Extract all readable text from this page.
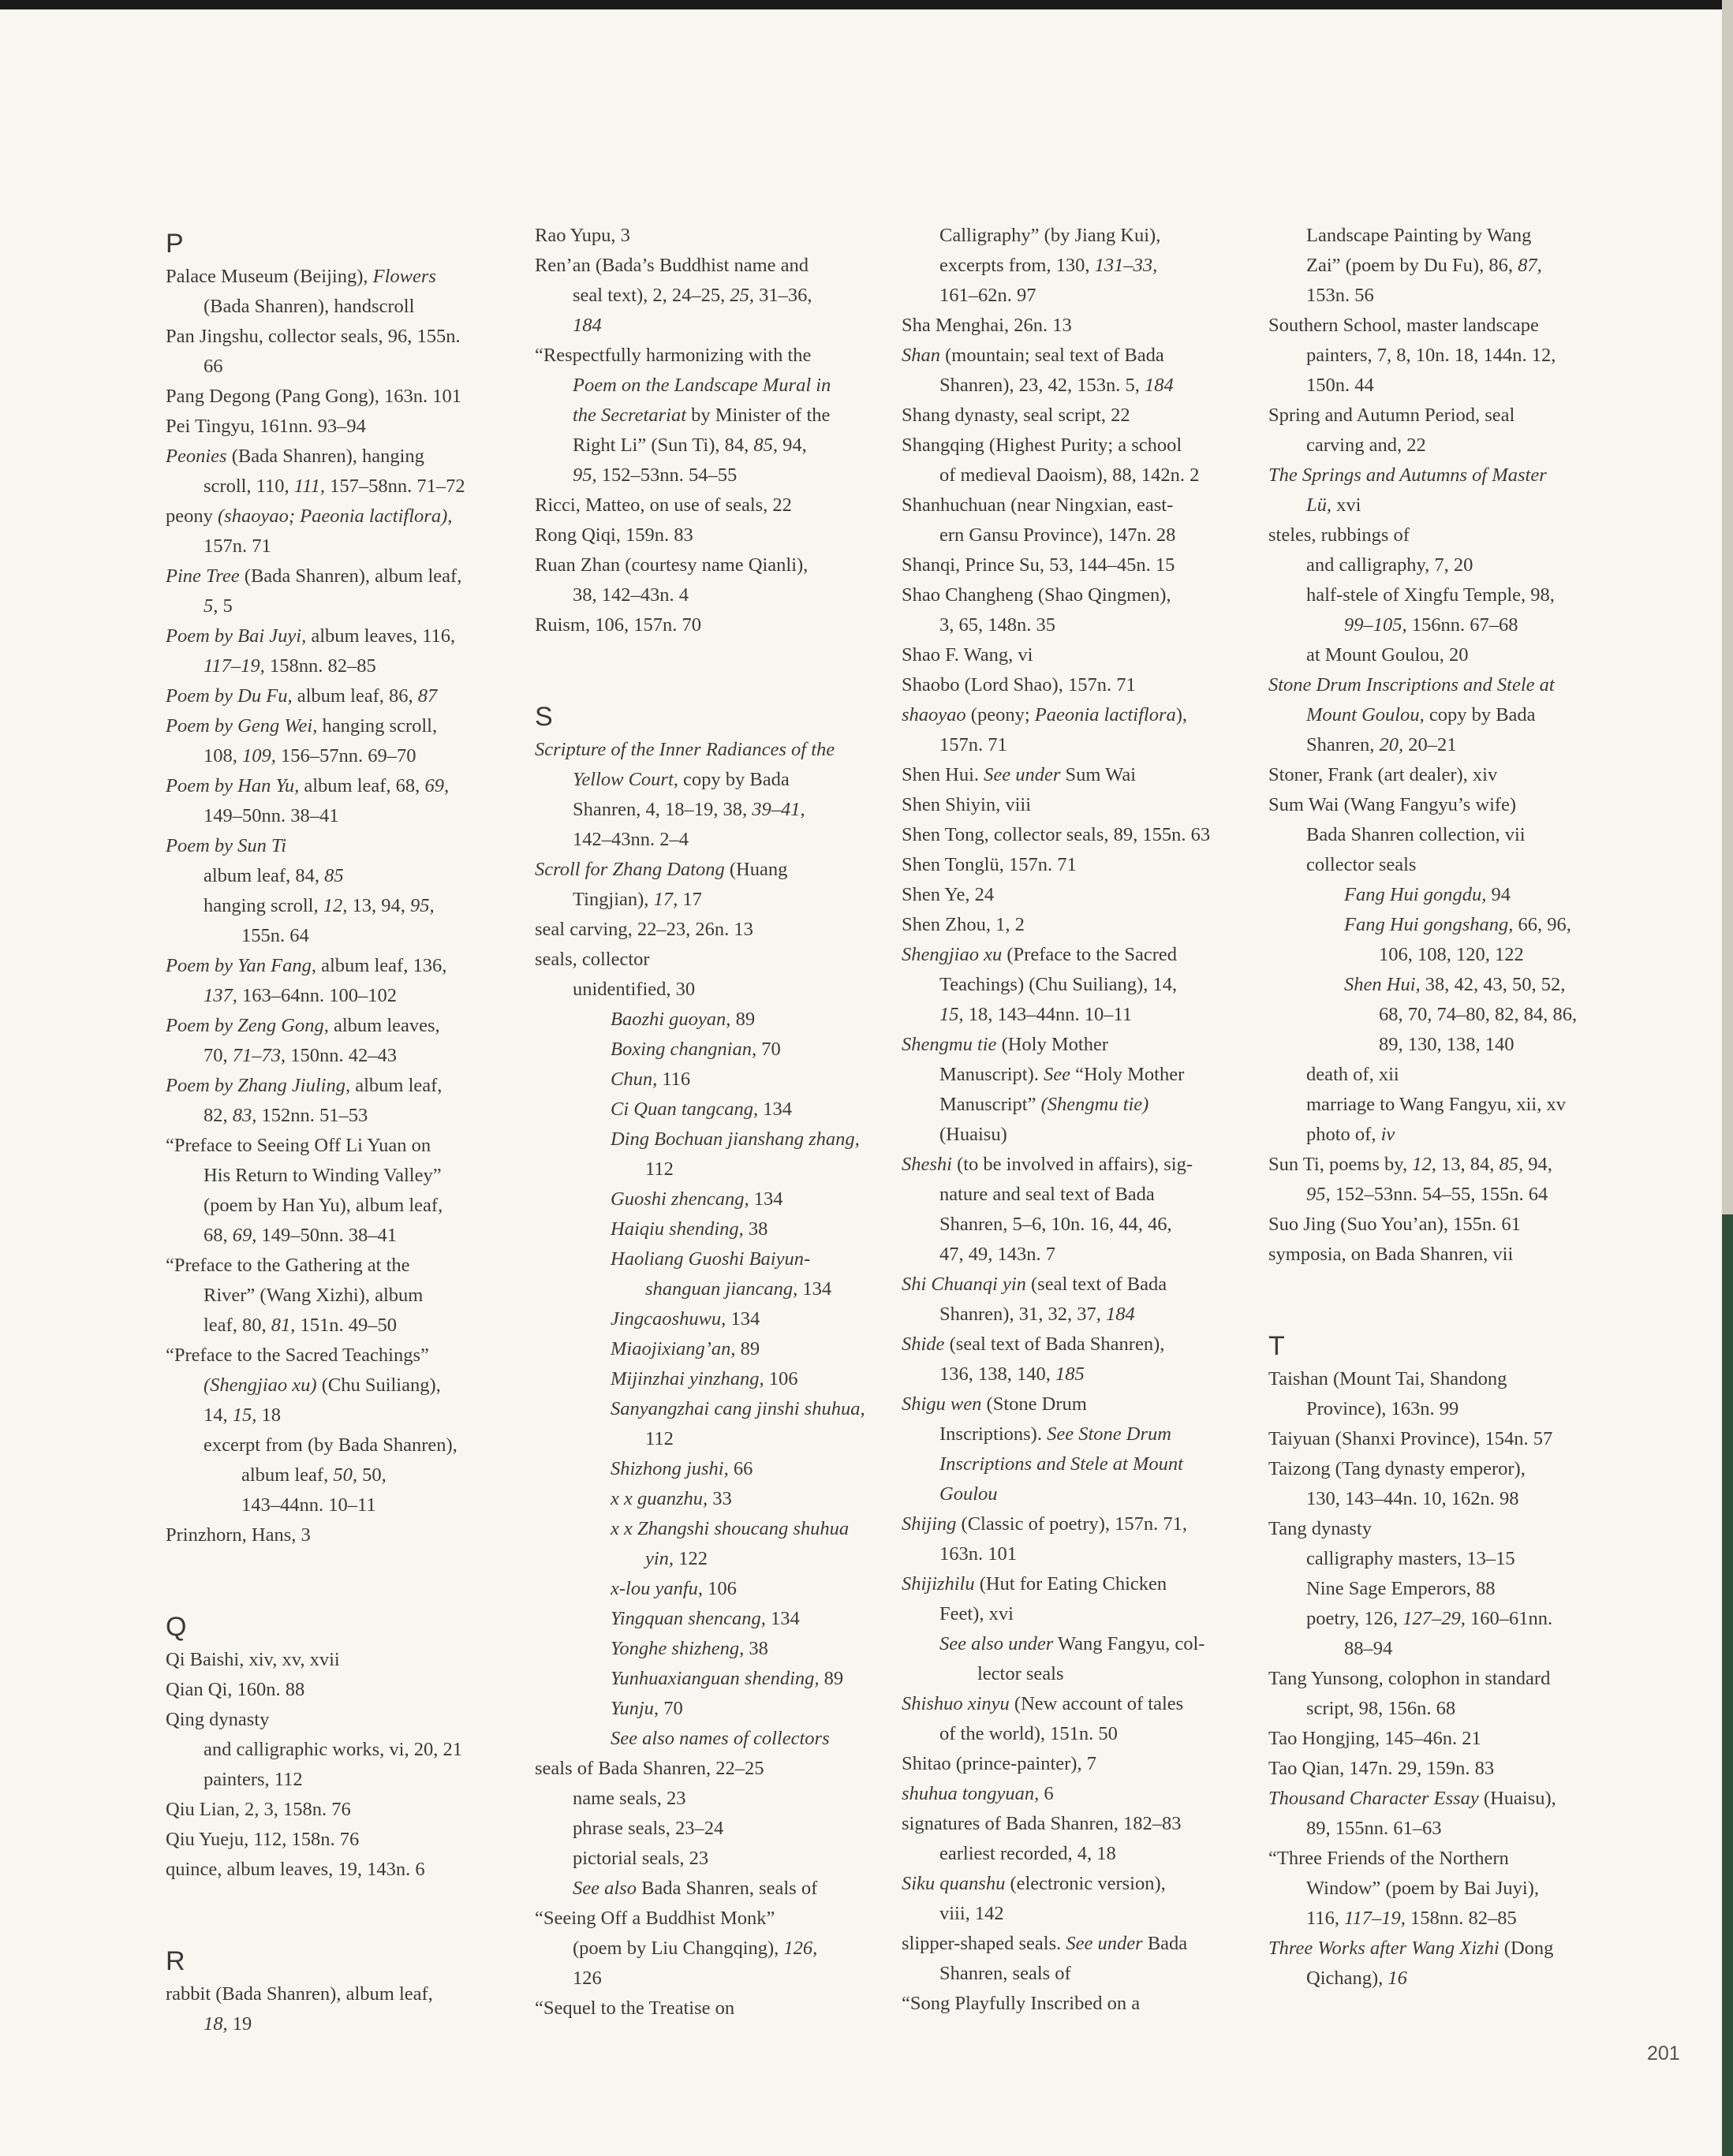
P
Palace Museum (Beijing), Flowers
(Bada Shanren), handscroll
Pan Jingshu, collector seals, 96, 155n.
66
Pang Degong (Pang Gong), 163n. 101
Pei Tingyu, 161nn. 93–94
Peonies (Bada Shanren), hanging
scroll, 110, 111, 157–58nn. 71–72
peony (shaoyao; Paeonia lactiflora),
157n. 71
Pine Tree (Bada Shanren), album leaf,
5, 5
Poem by Bai Juyi, album leaves, 116,
117–19, 158nn. 82–85
Poem by Du Fu, album leaf, 86, 87
Poem by Geng Wei, hanging scroll,
108, 109, 156–57nn. 69–70
Poem by Han Yu, album leaf, 68, 69,
149–50nn. 38–41
Poem by Sun Ti
album leaf, 84, 85
hanging scroll, 12, 13, 94, 95,
155n. 64
Poem by Yan Fang, album leaf, 136,
137, 163–64nn. 100–102
Poem by Zeng Gong, album leaves,
70, 71–73, 150nn. 42–43
Poem by Zhang Jiuling, album leaf,
82, 83, 152nn. 51–53
“Preface to Seeing Off Li Yuan on
His Return to Winding Valley”
(poem by Han Yu), album leaf,
68, 69, 149–50nn. 38–41
“Preface to the Gathering at the
River” (Wang Xizhi), album
leaf, 80, 81, 151n. 49–50
“Preface to the Sacred Teachings”
(Shengjiao xu) (Chu Suiliang),
14, 15, 18
excerpt from (by Bada Shanren),
album leaf, 50, 50,
143–44nn. 10–11
Prinzhorn, Hans, 3
Q
Qi Baishi, xiv, xv, xvii
Qian Qi, 160n. 88
Qing dynasty
and calligraphic works, vi, 20, 21
painters, 112
Qiu Lian, 2, 3, 158n. 76
Qiu Yueju, 112, 158n. 76
quince, album leaves, 19, 143n. 6
R
rabbit (Bada Shanren), album leaf,
18, 19
Rao Yupu, 3
Ren’an (Bada’s Buddhist name and
seal text), 2, 24–25, 25, 31–36,
184
“Respectfully harmonizing with the
Poem on the Landscape Mural in
the Secretariat by Minister of the
Right Li” (Sun Ti), 84, 85, 94,
95, 152–53nn. 54–55
Ricci, Matteo, on use of seals, 22
Rong Qiqi, 159n. 83
Ruan Zhan (courtesy name Qianli),
38, 142–43n. 4
Ruism, 106, 157n. 70
S
Scripture of the Inner Radiances of the
Yellow Court, copy by Bada
Shanren, 4, 18–19, 38, 39–41,
142–43nn. 2–4
Scroll for Zhang Datong (Huang
Tingjian), 17, 17
seal carving, 22–23, 26n. 13
seals, collector
unidentified, 30
Baozhi guoyan, 89
Boxing changnian, 70
Chun, 116
Ci Quan tangcang, 134
Ding Bochuan jianshang zhang,
112
Guoshi zhencang, 134
Haiqiu shending, 38
Haoliang Guoshi Baiyun-
shanguan jiancang, 134
Jingcaoshuwu, 134
Miaojixiang’an, 89
Mijinzhai yinzhang, 106
Sanyangzhai cang jinshi shuhua,
112
Shizhong jushi, 66
x x guanzhu, 33
x x Zhangshi shoucang shuhua
yin, 122
x-lou yanfu, 106
Yingquan shencang, 134
Yonghe shizheng, 38
Yunhuaxianguan shending, 89
Yunju, 70
See also names of collectors
seals of Bada Shanren, 22–25
name seals, 23
phrase seals, 23–24
pictorial seals, 23
See also Bada Shanren, seals of
“Seeing Off a Buddhist Monk”
(poem by Liu Changqing), 126,
126
“Sequel to the Treatise on
Calligraphy” (by Jiang Kui),
excerpts from, 130, 131–33,
161–62n. 97
Sha Menghai, 26n. 13
Shan (mountain; seal text of Bada
Shanren), 23, 42, 153n. 5, 184
Shang dynasty, seal script, 22
Shangqing (Highest Purity; a school
of medieval Daoism), 88, 142n. 2
Shanhuchuan (near Ningxian, east-
ern Gansu Province), 147n. 28
Shanqi, Prince Su, 53, 144–45n. 15
Shao Changheng (Shao Qingmen),
3, 65, 148n. 35
Shao F. Wang, vi
Shaobo (Lord Shao), 157n. 71
shaoyao (peony; Paeonia lactiflora),
157n. 71
Shen Hui. See under Sum Wai
Shen Shiyin, viii
Shen Tong, collector seals, 89, 155n. 63
Shen Tonglü, 157n. 71
Shen Ye, 24
Shen Zhou, 1, 2
Shengjiao xu (Preface to the Sacred
Teachings) (Chu Suiliang), 14,
15, 18, 143–44nn. 10–11
Shengmu tie (Holy Mother
Manuscript). See “Holy Mother
Manuscript” (Shengmu tie)
(Huaisu)
Sheshi (to be involved in affairs), sig-
nature and seal text of Bada
Shanren, 5–6, 10n. 16, 44, 46,
47, 49, 143n. 7
Shi Chuanqi yin (seal text of Bada
Shanren), 31, 32, 37, 184
Shide (seal text of Bada Shanren),
136, 138, 140, 185
Shigu wen (Stone Drum
Inscriptions). See Stone Drum
Inscriptions and Stele at Mount
Goulou
Shijing (Classic of poetry), 157n. 71,
163n. 101
Shijizhilu (Hut for Eating Chicken
Feet), xvi
See also under Wang Fangyu, col-
lector seals
Shishuo xinyu (New account of tales
of the world), 151n. 50
Shitao (prince-painter), 7
shuhua tongyuan, 6
signatures of Bada Shanren, 182–83
earliest recorded, 4, 18
Siku quanshu (electronic version),
viii, 142
slipper-shaped seals. See under Bada
Shanren, seals of
“Song Playfully Inscribed on a
Landscape Painting by Wang
Zai” (poem by Du Fu), 86, 87,
153n. 56
Southern School, master landscape
painters, 7, 8, 10n. 18, 144n. 12,
150n. 44
Spring and Autumn Period, seal
carving and, 22
The Springs and Autumns of Master
Lü, xvi
steles, rubbings of
and calligraphy, 7, 20
half-stele of Xingfu Temple, 98,
99–105, 156nn. 67–68
at Mount Goulou, 20
Stone Drum Inscriptions and Stele at
Mount Goulou, copy by Bada
Shanren, 20, 20–21
Stoner, Frank (art dealer), xiv
Sum Wai (Wang Fangyu’s wife)
Bada Shanren collection, vii
collector seals
Fang Hui gongdu, 94
Fang Hui gongshang, 66, 96,
106, 108, 120, 122
Shen Hui, 38, 42, 43, 50, 52,
68, 70, 74–80, 82, 84, 86,
89, 130, 138, 140
death of, xii
marriage to Wang Fangyu, xii, xv
photo of, iv
Sun Ti, poems by, 12, 13, 84, 85, 94,
95, 152–53nn. 54–55, 155n. 64
Suo Jing (Suo You’an), 155n. 61
symposia, on Bada Shanren, vii
T
Taishan (Mount Tai, Shandong
Province), 163n. 99
Taiyuan (Shanxi Province), 154n. 57
Taizong (Tang dynasty emperor),
130, 143–44n. 10, 162n. 98
Tang dynasty
calligraphy masters, 13–15
Nine Sage Emperors, 88
poetry, 126, 127–29, 160–61nn.
88–94
Tang Yunsong, colophon in standard
script, 98, 156n. 68
Tao Hongjing, 145–46n. 21
Tao Qian, 147n. 29, 159n. 83
Thousand Character Essay (Huaisu),
89, 155nn. 61–63
“Three Friends of the Northern
Window” (poem by Bai Juyi),
116, 117–19, 158nn. 82–85
Three Works after Wang Xizhi (Dong
Qichang), 16
201
